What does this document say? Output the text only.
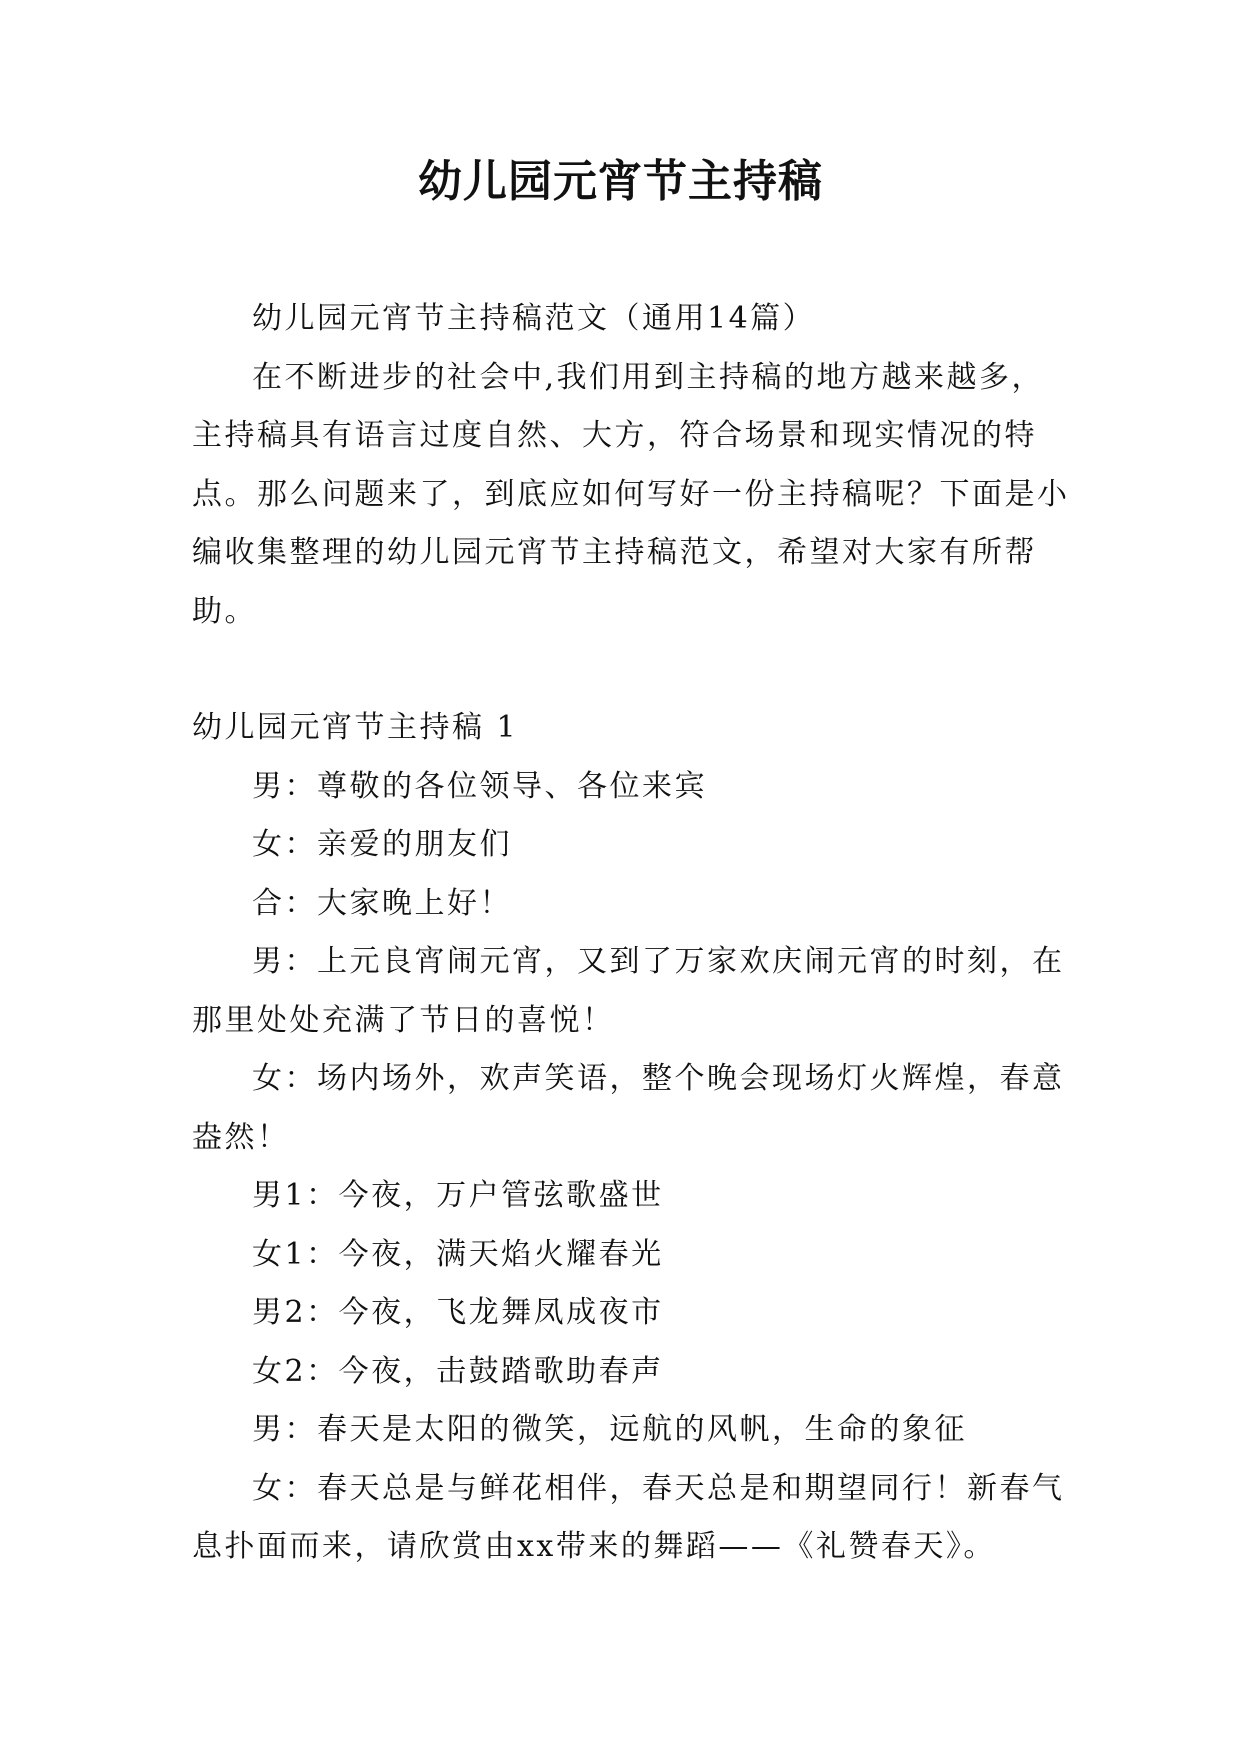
幼儿园元宵节主持稿

幼儿园元宵节主持稿范文（通用14篇）

在不断进步的社会中,我们用到主持稿的地方越来越多，主持稿具有语言过度自然、大方，符合场景和现实情况的特点。那么问题来了，到底应如何写好一份主持稿呢？下面是小编收集整理的幼儿园元宵节主持稿范文，希望对大家有所帮助。

幼儿园元宵节主持稿 1

男：尊敬的各位领导、各位来宾

女：亲爱的朋友们

合：大家晚上好！

男：上元良宵闹元宵，又到了万家欢庆闹元宵的时刻，在那里处处充满了节日的喜悦！

女：场内场外，欢声笑语，整个晚会现场灯火辉煌，春意盎然！

男1：今夜，万户管弦歌盛世

女1：今夜，满天焰火耀春光

男2：今夜，飞龙舞凤成夜市

女2：今夜，击鼓踏歌助春声

男：春天是太阳的微笑，远航的风帆，生命的象征

女：春天总是与鲜花相伴，春天总是和期望同行！新春气息扑面而来，请欣赏由xx带来的舞蹈——《礼赞春天》。
